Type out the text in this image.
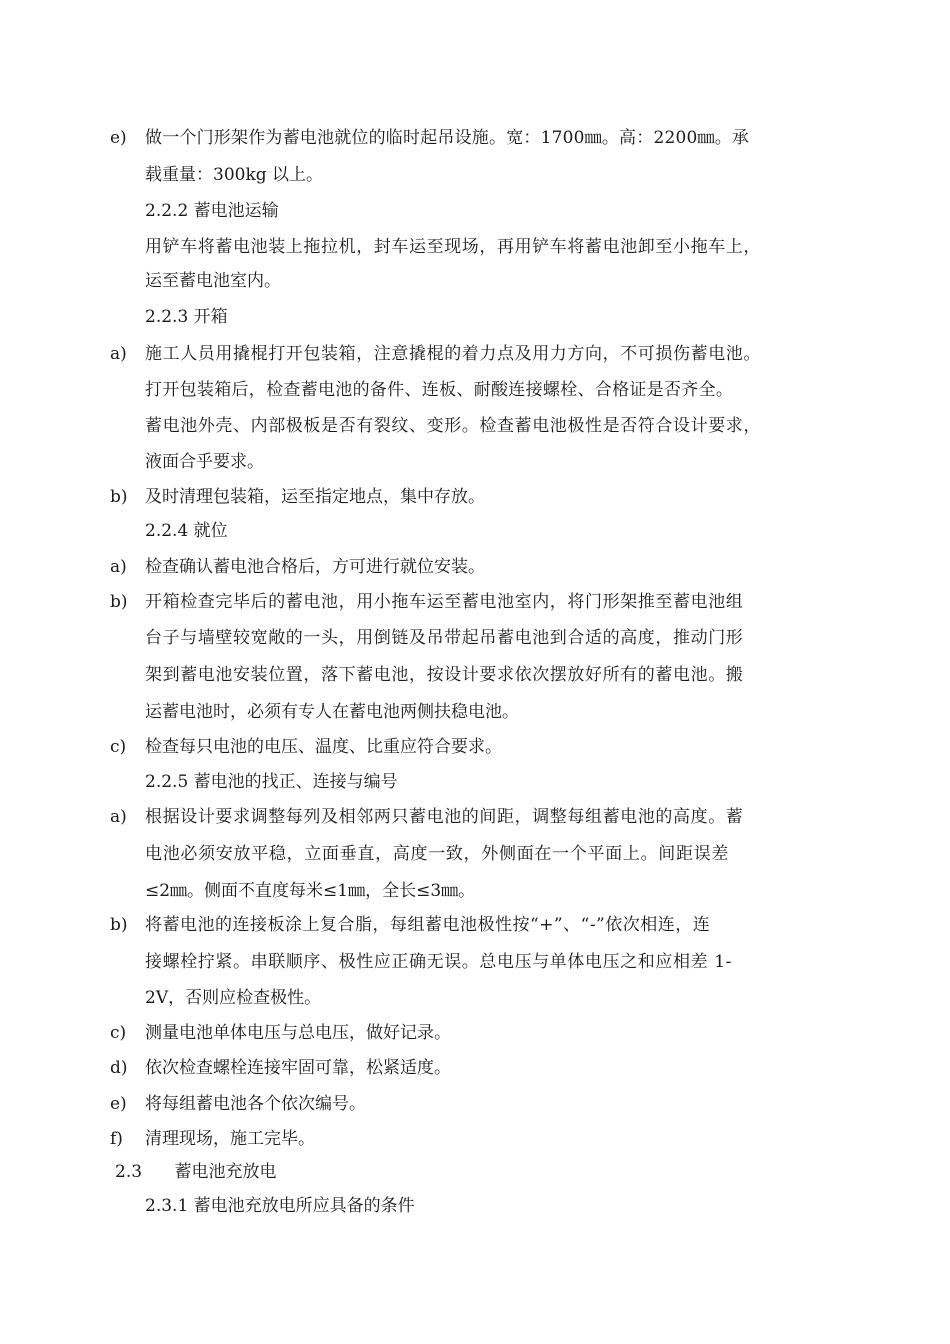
e) 做一个门形架作为蓄电池就位的临时起吊设施。宽：1700㎜。高：2200㎜。承
载重量：300kg 以上。
2.2.2 蓄电池运输
用铲车将蓄电池装上拖拉机，封车运至现场，再用铲车将蓄电池卸至小拖车上，
运至蓄电池室内。
2.2.3 开箱
a) 施工人员用撬棍打开包装箱，注意撬棍的着力点及用力方向，不可损伤蓄电池。
打开包装箱后，检查蓄电池的备件、连板、耐酸连接螺栓、合格证是否齐全。
蓄电池外壳、内部极板是否有裂纹、变形。检查蓄电池极性是否符合设计要求，
液面合乎要求。
b) 及时清理包装箱，运至指定地点，集中存放。
2.2.4 就位
a) 检查确认蓄电池合格后，方可进行就位安装。
b) 开箱检查完毕后的蓄电池，用小拖车运至蓄电池室内，将门形架推至蓄电池组
台子与墙壁较宽敞的一头，用倒链及吊带起吊蓄电池到合适的高度，推动门形
架到蓄电池安装位置，落下蓄电池，按设计要求依次摆放好所有的蓄电池。搬
运蓄电池时，必须有专人在蓄电池两侧扶稳电池。
c) 检查每只电池的电压、温度、比重应符合要求。
2.2.5 蓄电池的找正、连接与编号
a) 根据设计要求调整每列及相邻两只蓄电池的间距，调整每组蓄电池的高度。蓄
电池必须安放平稳，立面垂直，高度一致，外侧面在一个平面上。间距误差
≤2㎜。侧面不直度每米≤1㎜，全长≤3㎜。
b) 将蓄电池的连接板涂上复合脂，每组蓄电池极性按“+”、“-”依次相连，连
接螺栓拧紧。串联顺序、极性应正确无误。总电压与单体电压之和应相差 1-
2V，否则应检查极性。
c) 测量电池单体电压与总电压，做好记录。
d) 依次检查螺栓连接牢固可靠，松紧适度。
e) 将每组蓄电池各个依次编号。
f) 清理现场，施工完毕。
2.3      蓄电池充放电
2.3.1 蓄电池充放电所应具备的条件
